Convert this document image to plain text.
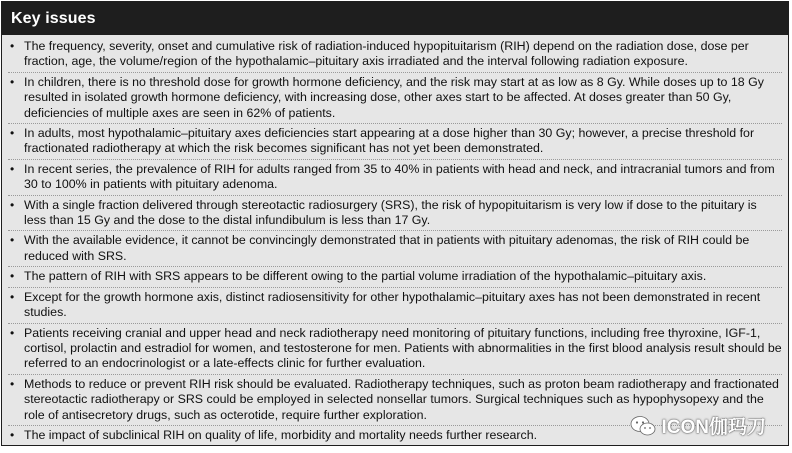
Key issues
• The frequency, severity, onset and cumulative risk of radiation-induced hypopituitarism (RIH) depend on the radiation dose, dose per fraction, age, the volume/region of the hypothalamic–pituitary axis irradiated and the interval following radiation exposure.
• In children, there is no threshold dose for growth hormone deficiency, and the risk may start at as low as 8 Gy. While doses up to 18 Gy resulted in isolated growth hormone deficiency, with increasing dose, other axes start to be affected. At doses greater than 50 Gy, deficiencies of multiple axes are seen in 62% of patients.
• In adults, most hypothalamic–pituitary axes deficiencies start appearing at a dose higher than 30 Gy; however, a precise threshold for fractionated radiotherapy at which the risk becomes significant has not yet been demonstrated.
• In recent series, the prevalence of RIH for adults ranged from 35 to 40% in patients with head and neck, and intracranial tumors and from 30 to 100% in patients with pituitary adenoma.
• With a single fraction delivered through stereotactic radiosurgery (SRS), the risk of hypopituitarism is very low if dose to the pituitary is less than 15 Gy and the dose to the distal infundibulum is less than 17 Gy.
• With the available evidence, it cannot be convincingly demonstrated that in patients with pituitary adenomas, the risk of RIH could be reduced with SRS.
• The pattern of RIH with SRS appears to be different owing to the partial volume irradiation of the hypothalamic–pituitary axis.
• Except for the growth hormone axis, distinct radiosensitivity for other hypothalamic–pituitary axes has not been demonstrated in recent studies.
• Patients receiving cranial and upper head and neck radiotherapy need monitoring of pituitary functions, including free thyroxine, IGF-1, cortisol, prolactin and estradiol for women, and testosterone for men. Patients with abnormalities in the first blood analysis result should be referred to an endocrinologist or a late-effects clinic for further evaluation.
• Methods to reduce or prevent RIH risk should be evaluated. Radiotherapy techniques, such as proton beam radiotherapy and fractionated stereotactic radiotherapy or SRS could be employed in selected nonsellar tumors. Surgical techniques such as hypophysopexy and the role of antisecretory drugs, such as octerotide, require further exploration.
• The impact of subclinical RIH on quality of life, morbidity and mortality needs further research.	ICON伽玛刀
